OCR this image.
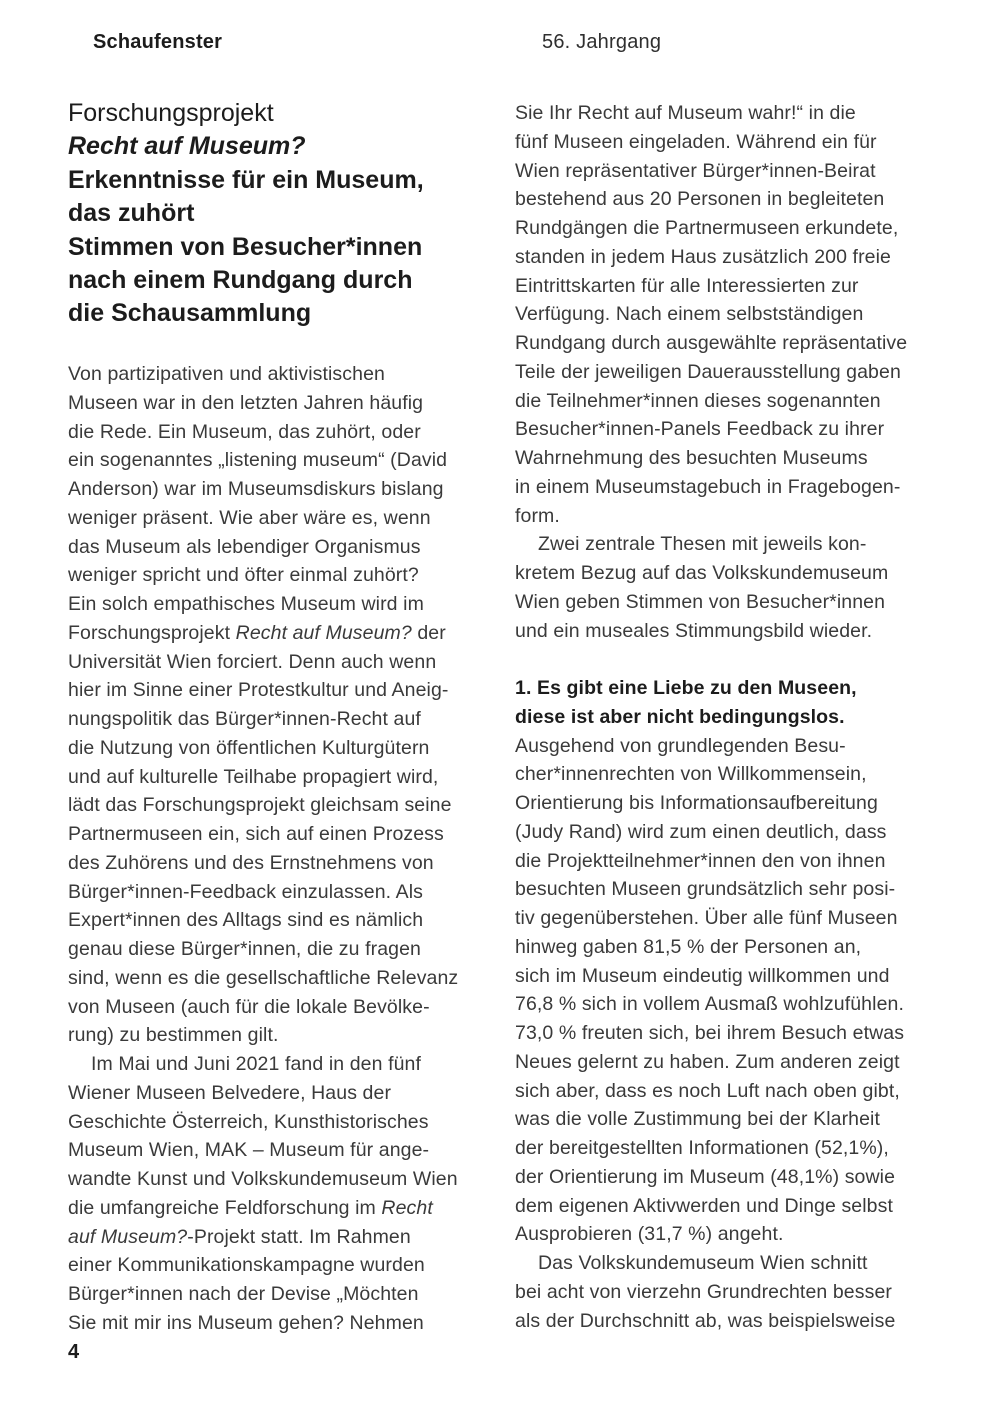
Schaufenster	56. Jahrgang
Forschungsprojekt
Recht auf Museum?
Erkenntnisse für ein Museum,
das zuhört
Stimmen von Besucher*innen
nach einem Rundgang durch
die Schausammlung
Von partizipativen und aktivistischen
Museen war in den letzten Jahren häufig
die Rede. Ein Museum, das zuhört, oder
ein sogenanntes „listening museum“ (David
Anderson) war im Museumsdiskurs bislang
weniger präsent. Wie aber wäre es, wenn
das Museum als lebendiger Organismus
weniger spricht und öfter einmal zuhört?
Ein solch empathisches Museum wird im
Forschungsprojekt Recht auf Museum? der
Universität Wien forciert. Denn auch wenn
hier im Sinne einer Protestkultur und Aneig-
nungspolitik das Bürger*innen-Recht auf
die Nutzung von öffentlichen Kulturgütern
und auf kulturelle Teilhabe propagiert wird,
lädt das Forschungsprojekt gleichsam seine
Partnermuseen ein, sich auf einen Prozess
des Zuhörens und des Ernstnehmens von
Bürger*innen-Feedback einzulassen. Als
Expert*innen des Alltags sind es nämlich
genau diese Bürger*innen, die zu fragen
sind, wenn es die gesellschaftliche Relevanz
von Museen (auch für die lokale Bevölke-
rung) zu bestimmen gilt.
Im Mai und Juni 2021 fand in den fünf
Wiener Museen Belvedere, Haus der
Geschichte Österreich, Kunsthistorisches
Museum Wien, MAK – Museum für ange-
wandte Kunst und Volkskundemuseum Wien
die umfangreiche Feldforschung im Recht
auf Museum?-Projekt statt. Im Rahmen
einer Kommunikationskampagne wurden
Bürger*innen nach der Devise „Möchten
Sie mit mir ins Museum gehen? Nehmen
Sie Ihr Recht auf Museum wahr!“ in die
fünf Museen eingeladen. Während ein für
Wien repräsentativer Bürger*innen-Beirat
bestehend aus 20 Personen in begleiteten
Rundgängen die Partnermuseen erkundete,
standen in jedem Haus zusätzlich 200 freie
Eintrittskarten für alle Interessierten zur
Verfügung. Nach einem selbstständigen
Rundgang durch ausgewählte repräsentative
Teile der jeweiligen Dauerausstellung gaben
die Teilnehmer*innen dieses sogenannten
Besucher*innen-Panels Feedback zu ihrer
Wahrnehmung des besuchten Museums
in einem Museumstagebuch in Fragebogen-
form.
Zwei zentrale Thesen mit jeweils kon-
kretem Bezug auf das Volkskundemuseum
Wien geben Stimmen von Besucher*innen
und ein museales Stimmungsbild wieder.

1. Es gibt eine Liebe zu den Museen,
diese ist aber nicht bedingungslos.
Ausgehend von grundlegenden Besu-
cher*innenrechten von Willkommensein,
Orientierung bis Informationsaufbereitung
(Judy Rand) wird zum einen deutlich, dass
die Projektteilnehmer*innen den von ihnen
besuchten Museen grundsätzlich sehr posi-
tiv gegenüberstehen. Über alle fünf Museen
hinweg gaben 81,5 % der Personen an,
sich im Museum eindeutig willkommen und
76,8 % sich in vollem Ausmaß wohlzufühlen.
73,0 % freuten sich, bei ihrem Besuch etwas
Neues gelernt zu haben. Zum anderen zeigt
sich aber, dass es noch Luft nach oben gibt,
was die volle Zustimmung bei der Klarheit
der bereitgestellten Informationen (52,1%),
der Orientierung im Museum (48,1%) sowie
dem eigenen Aktivwerden und Dinge selbst
Ausprobieren (31,7 %) angeht.
Das Volkskundemuseum Wien schnitt
bei acht von vierzehn Grundrechten besser
als der Durchschnitt ab, was beispielsweise
4
